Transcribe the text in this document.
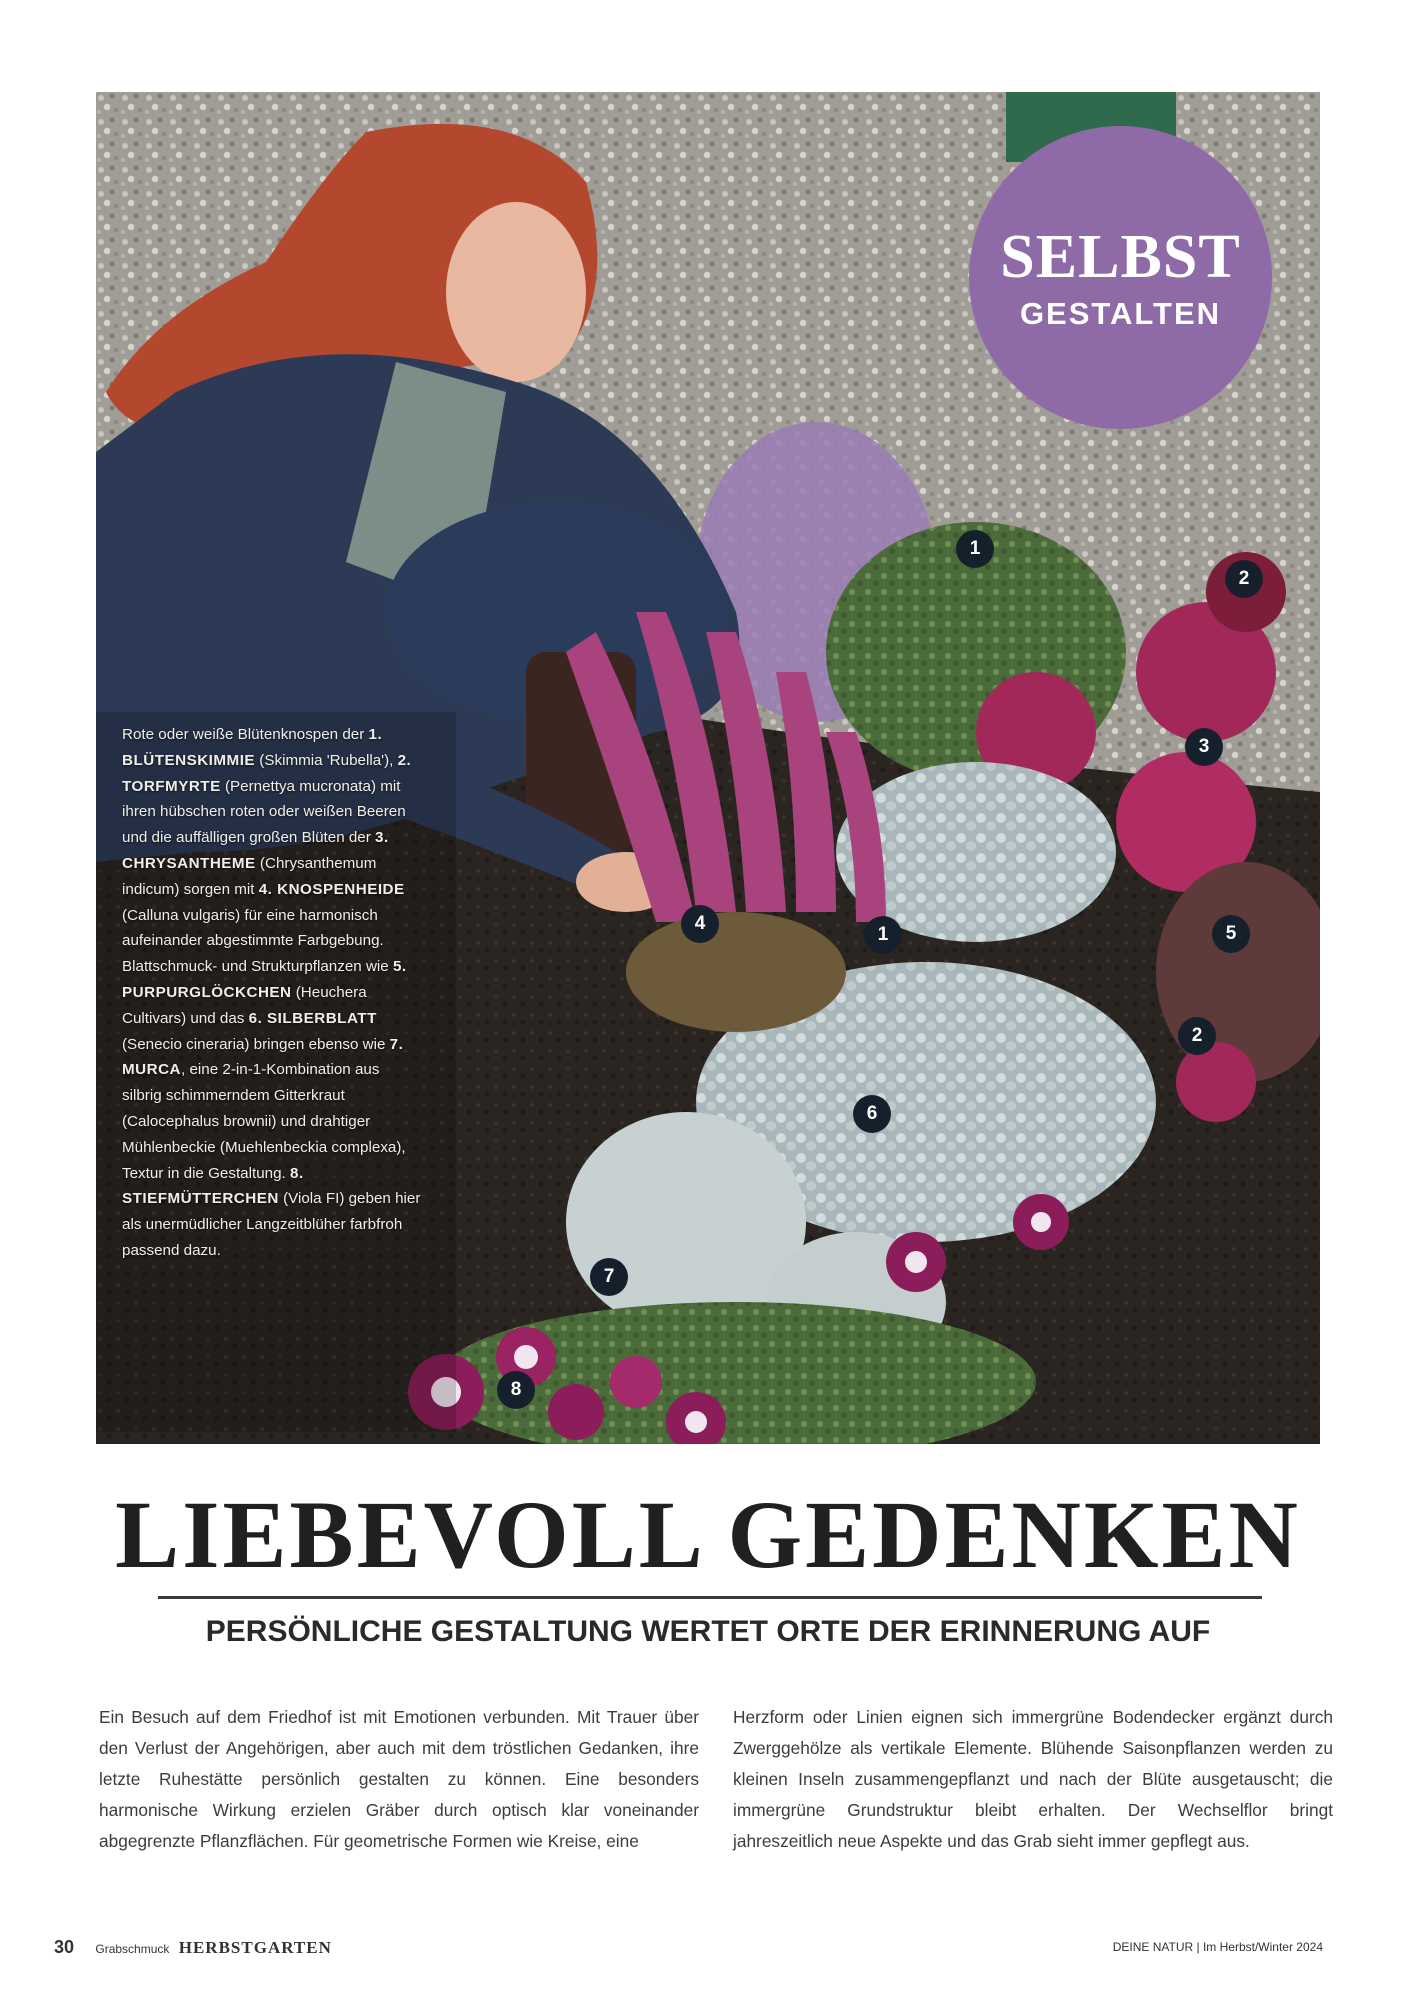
1
2
3
4
1	5
2
6
7
8
SELBST
GESTALTEN
Rote oder weiße Blütenknospen der 1. BLÜTENSKIMMIE (Skimmia 'Rubella'), 2. TORFMYRTE (Pernettya mucronata) mit ihren hübschen roten oder weißen Beeren und die auffälligen großen Blüten der 3. CHRYSANTHEME (Chrysanthemum indicum) sorgen mit 4. KNOSPENHEIDE (Calluna vulgaris) für eine harmonisch aufeinander abgestimmte Farbgebung. Blattschmuck- und Strukturpflanzen wie 5. PURPURGLÖCKCHEN (Heuchera Cultivars) und das 6. SILBERBLATT (Senecio cineraria) bringen ebenso wie 7. MURCA, eine 2-in-1-Kombination aus silbrig schimmerndem Gitterkraut (Calocephalus brownii) und drahtiger Mühlenbeckie (Muehlenbeckia complexa), Textur in die Gestaltung. 8. STIEFMÜTTERCHEN (Viola FI) geben hier als unermüdlicher Langzeitblüher farbfroh passend dazu.
LIEBEVOLL GEDENKEN
PERSÖNLICHE GESTALTUNG WERTET ORTE DER ERINNERUNG AUF

Ein Besuch auf dem Friedhof ist mit Emotionen verbunden. Mit Trauer über den Verlust der Angehörigen, aber auch mit dem tröstlichen Gedanken, ihre letzte Ruhestätte persönlich gestalten zu können. Eine besonders harmonische Wirkung erzielen Gräber durch optisch klar voneinander abgegrenzte Pflanzflächen. Für geometrische Formen wie Kreise, eine

Herzform oder Linien eignen sich immergrüne Bodendecker ergänzt durch Zwerggehölze als vertikale Elemente. Blühende Saisonpflanzen werden zu kleinen Inseln zusammengepflanzt und nach der Blüte ausgetauscht; die immergrüne Grundstruktur bleibt erhalten. Der Wechselflor bringt jahreszeitlich neue Aspekte und das Grab sieht immer gepflegt aus.

30 Grabschmuck HERBSTGARTEN	DEINE NATUR | Im Herbst/Winter 2024
